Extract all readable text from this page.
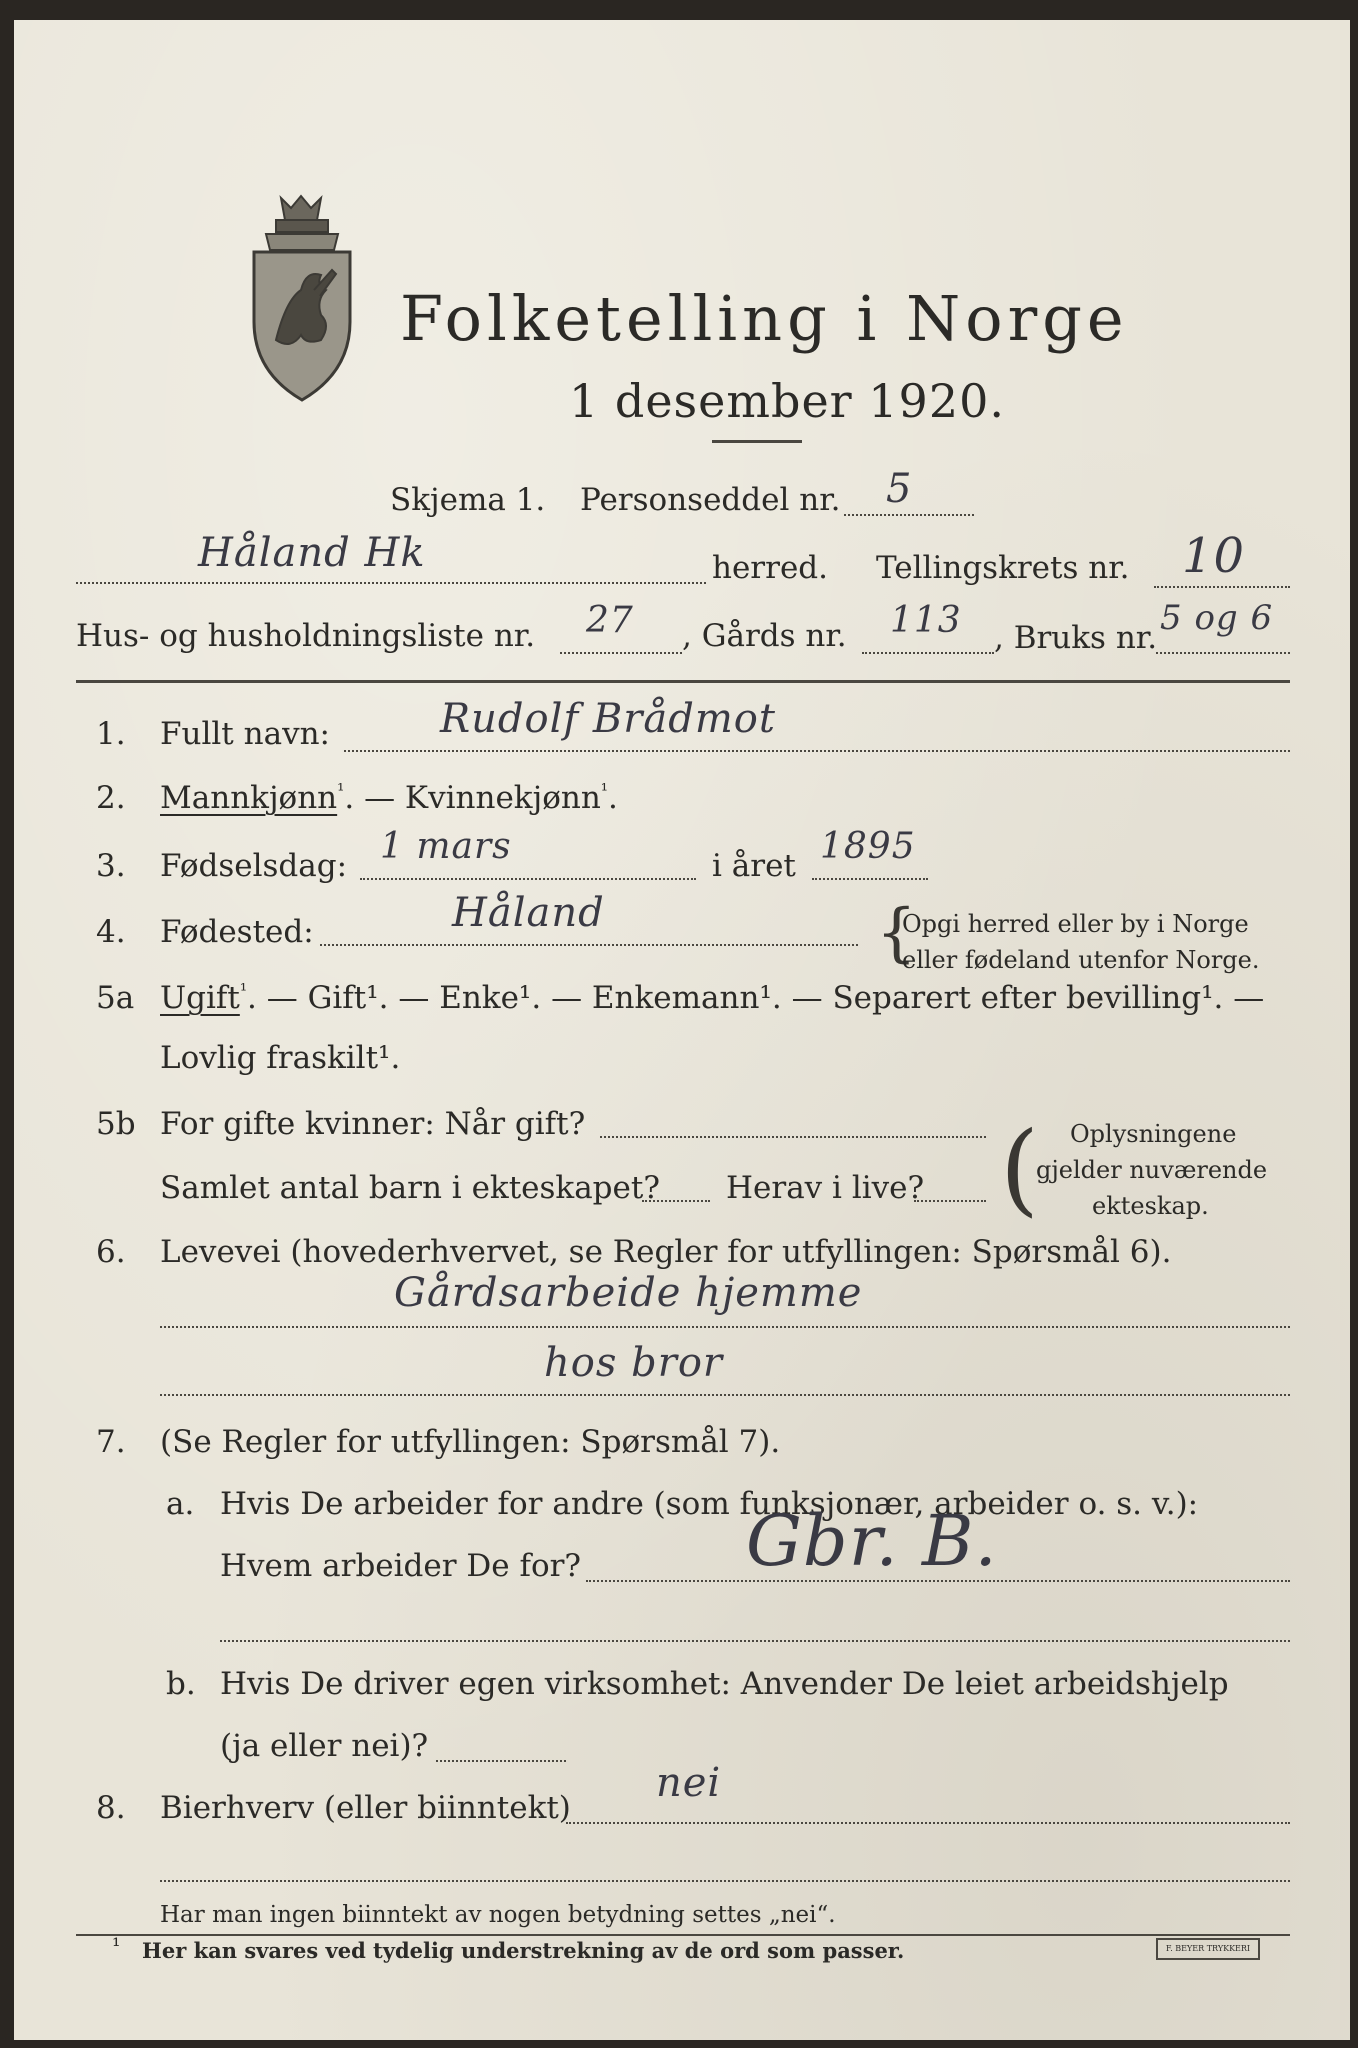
Folketelling i Norge
1 desember 1920.
Skjema 1. Personseddel nr. 5
Håland Hk	herred. Tellingskrets nr. 10
Hus- og husholdningsliste nr. 27 , Gårds nr. 113 , Bruks nr. 5 og 6
1. Fullt navn:	Rudolf Brådmot
2. Mannkjønn$^{^1}$. — Kvinnekjønn$^{^1}$.
3. Fødselsdag: 1 mars	i året 1895
4. Fødested:	Håland	{
Opgi herred eller by i Norge
eller fødeland utenfor Norge.
5a Ugift$^{^1}$. — Gift¹. — Enke¹. — Enkemann¹. — Separert efter bevilling¹. —
Lovlig fraskilt¹.
5b For gifte kvinner: Når gift?
Samlet antal barn i ekteskapet? Herav i live? ( Oplysningene
gjelder nuværende
ekteskap.
6. Levevei (hovederhvervet, se Regler for utfyllingen: Spørsmål 6).
Gårdsarbeide hjemme
hos bror
7. (Se Regler for utfyllingen: Spørsmål 7).
a. Hvis De arbeider for andre (som funksjonær, arbeider o. s. v.):
Hvem arbeider De for? Gbr. B.
b. Hvis De driver egen virksomhet: Anvender De leiet arbeidshjelp
(ja eller nei)?
8. Bierhverv (eller biinntekt)
nei
Har man ingen biinntekt av nogen betydning settes „nei“.
¹ Her kan svares ved tydelig understrekning av de ord som passer.	F. BEYER TRYKKERI
